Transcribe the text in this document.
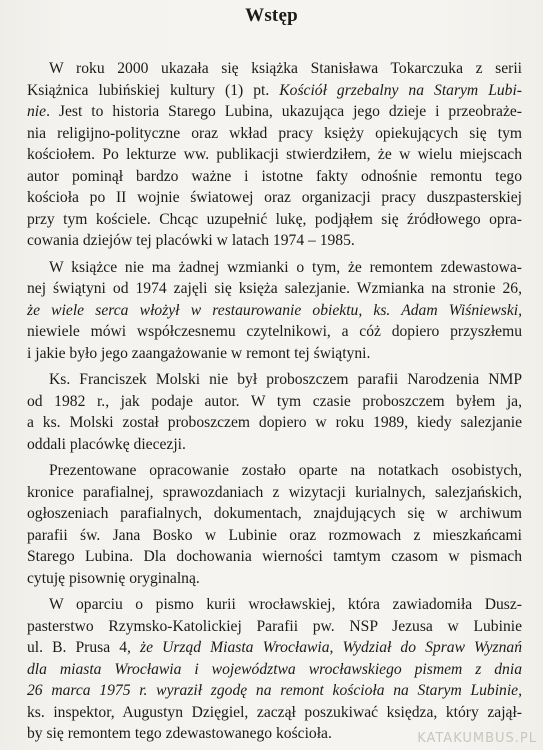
Wstęp
W roku 2000 ukazała się książka Stanisława Tokarczuka z serii
Książnica lubińskiej kultury (1) pt. Kościół grzebalny na Starym Lubi-
nie. Jest to historia Starego Lubina, ukazująca jego dzieje i przeobraże-
nia religijno-polityczne oraz wkład pracy księży opiekujących się tym
kościołem. Po lekturze ww. publikacji stwierdziłem, że w wielu miejscach
autor pominął bardzo ważne i istotne fakty odnośnie remontu tego
kościoła po II wojnie światowej oraz organizacji pracy duszpasterskiej
przy tym kościele. Chcąc uzupełnić lukę, podjąłem się źródłowego opra-
cowania dziejów tej placówki w latach 1974 – 1985.
W książce nie ma żadnej wzmianki o tym, że remontem zdewastowa-
nej świątyni od 1974 zajęli się księża salezjanie. Wzmianka na stronie 26,
że wiele serca włożył w restaurowanie obiektu, ks. Adam Wiśniewski,
niewiele mówi współczesnemu czytelnikowi, a cóż dopiero przyszłemu
i jakie było jego zaangażowanie w remont tej świątyni.
Ks. Franciszek Molski nie był proboszczem parafii Narodzenia NMP
od 1982 r., jak podaje autor. W tym czasie proboszczem byłem ja,
a ks. Molski został proboszczem dopiero w roku 1989, kiedy salezjanie
oddali placówkę diecezji.
Prezentowane opracowanie zostało oparte na notatkach osobistych,
kronice parafialnej, sprawozdaniach z wizytacji kurialnych, salezjańskich,
ogłoszeniach parafialnych, dokumentach, znajdujących się w archiwum
parafii św. Jana Bosko w Lubinie oraz rozmowach z mieszkańcami
Starego Lubina. Dla dochowania wierności tamtym czasom w pismach
cytuję pisownię oryginalną.
W oparciu o pismo kurii wrocławskiej, która zawiadomiła Dusz-
pasterstwo Rzymsko-Katolickiej Parafii pw. NSP Jezusa w Lubinie
ul. B. Prusa 4, że Urząd Miasta Wrocławia, Wydział do Spraw Wyznań
dla miasta Wrocławia i województwa wrocławskiego pismem z dnia
26 marca 1975 r. wyraził zgodę na remont kościoła na Starym Lubinie,
ks. inspektor, Augustyn Dzięgiel, zaczął poszukiwać księdza, który zajął-
by się remontem tego zdewastowanego kościoła.	KATAKUMBUS.PL
